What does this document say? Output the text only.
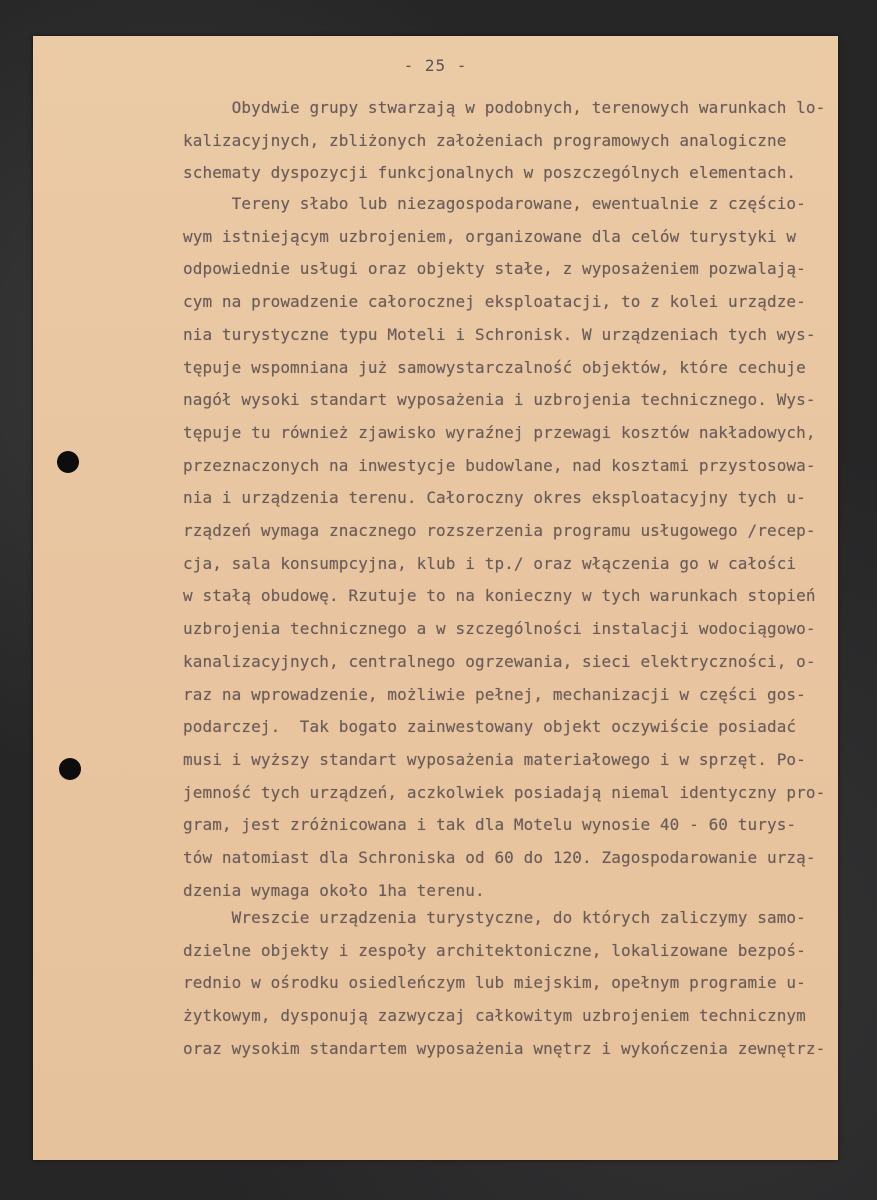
- 25 -
Obydwie grupy stwarzają w podobnych, terenowych warunkach lo-
kalizacyjnych, zbliżonych założeniach programowych analogiczne
schematy dyspozycji funkcjonalnych w poszczególnych elementach.
Tereny słabo lub niezagospodarowane, ewentualnie z częścio-
wym istniejącym uzbrojeniem, organizowane dla celów turystyki w
odpowiednie usługi oraz objekty stałe, z wyposażeniem pozwalają-
cym na prowadzenie całorocznej eksploatacji, to z kolei urządze-
nia turystyczne typu Moteli i Schronisk. W urządzeniach tych wys-
tępuje wspomniana już samowystarczalność objektów, które cechuje
nagół wysoki standart wyposażenia i uzbrojenia technicznego. Wys-
tępuje tu również zjawisko wyraźnej przewagi kosztów nakładowych,
przeznaczonych na inwestycje budowlane, nad kosztami przystosowa-
nia i urządzenia terenu. Całoroczny okres eksploatacyjny tych u-
rządzeń wymaga znacznego rozszerzenia programu usługowego /recep-
cja, sala konsumpcyjna, klub i tp./ oraz włączenia go w całości
w stałą obudowę. Rzutuje to na konieczny w tych warunkach stopień
uzbrojenia technicznego a w szczególności instalacji wodociągowo-
kanalizacyjnych, centralnego ogrzewania, sieci elektryczności, o-
raz na wprowadzenie, możliwie pełnej, mechanizacji w części gos-
podarczej.  Tak bogato zainwestowany objekt oczywiście posiadać
musi i wyższy standart wyposażenia materiałowego i w sprzęt. Po-
jemność tych urządzeń, aczkolwiek posiadają niemal identyczny pro-
gram, jest zróżnicowana i tak dla Motelu wynosie 40 - 60 turys-
tów natomiast dla Schroniska od 60 do 120. Zagospodarowanie urzą-
dzenia wymaga około 1ha terenu.
Wreszcie urządzenia turystyczne, do których zaliczymy samo-
dzielne objekty i zespoły architektoniczne, lokalizowane bezpoś-
rednio w ośrodku osiedleńczym lub miejskim, opełnym programie u-
żytkowym, dysponują zazwyczaj całkowitym uzbrojeniem technicznym
oraz wysokim standartem wyposażenia wnętrz i wykończenia zewnętrz-
